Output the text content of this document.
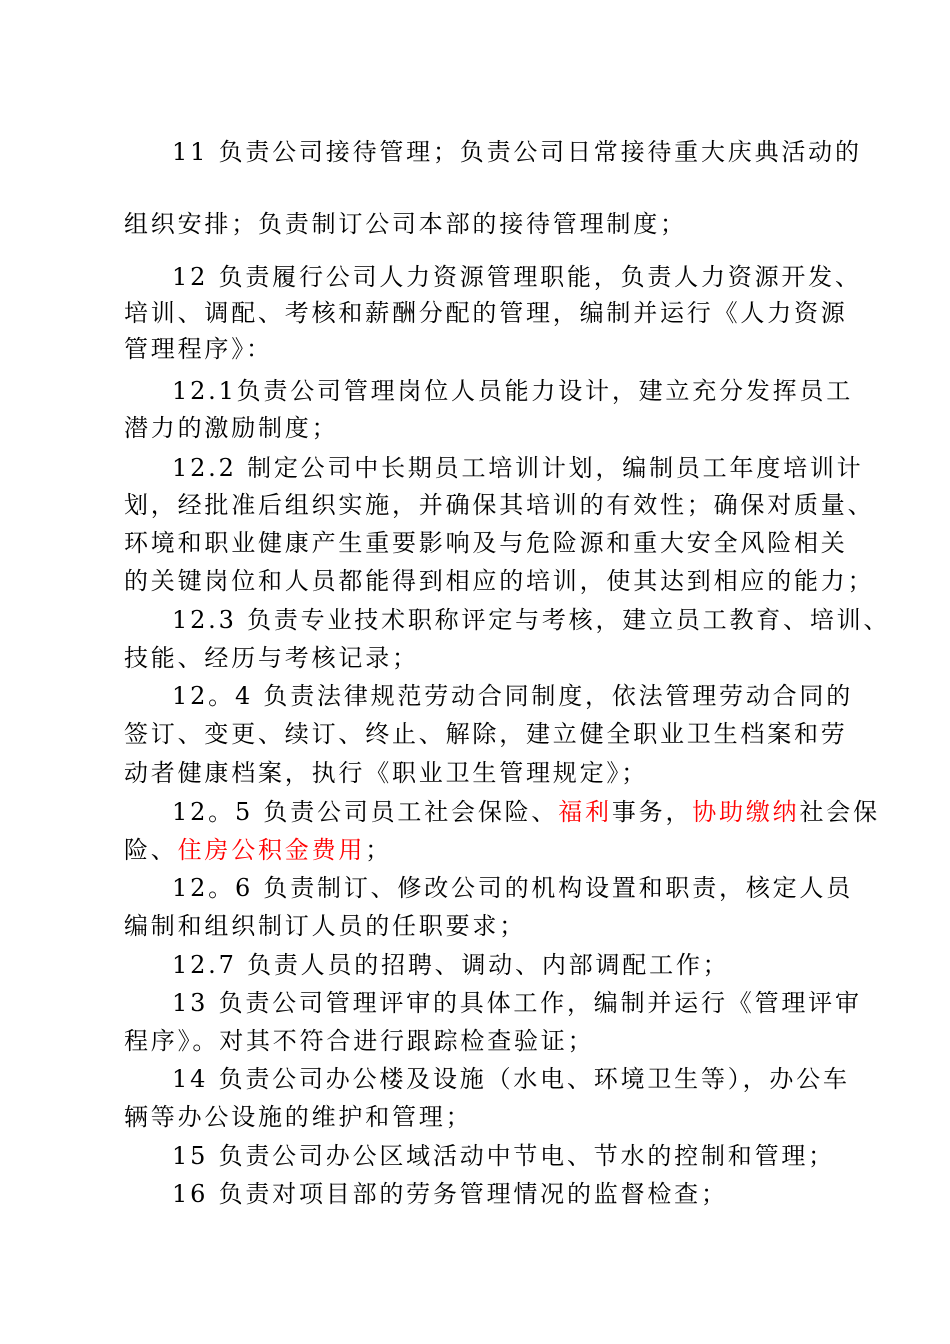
11 负责公司接待管理；负责公司日常接待重大庆典活动的
组织安排；负责制订公司本部的接待管理制度；
12 负责履行公司人力资源管理职能，负责人力资源开发、
培训、调配、考核和薪酬分配的管理，编制并运行《人力资源
管理程序》：
12.1负责公司管理岗位人员能力设计，建立充分发挥员工
潜力的激励制度；
12.2 制定公司中长期员工培训计划，编制员工年度培训计
划，经批准后组织实施，并确保其培训的有效性；确保对质量、
环境和职业健康产生重要影响及与危险源和重大安全风险相关
的关键岗位和人员都能得到相应的培训，使其达到相应的能力；
12.3 负责专业技术职称评定与考核，建立员工教育、培训、
技能、经历与考核记录；
12。4 负责法律规范劳动合同制度，依法管理劳动合同的
签订、变更、续订、终止、解除，建立健全职业卫生档案和劳
动者健康档案，执行《职业卫生管理规定》；
12。5 负责公司员工社会保险、福利事务，协助缴纳社会保
险、住房公积金费用；
12。6 负责制订、修改公司的机构设置和职责，核定人员
编制和组织制订人员的任职要求；
12.7 负责人员的招聘、调动、内部调配工作；
13 负责公司管理评审的具体工作，编制并运行《管理评审
程序》。对其不符合进行跟踪检查验证；
14 负责公司办公楼及设施（水电、环境卫生等），办公车
辆等办公设施的维护和管理；
15 负责公司办公区域活动中节电、节水的控制和管理；
16 负责对项目部的劳务管理情况的监督检查；
